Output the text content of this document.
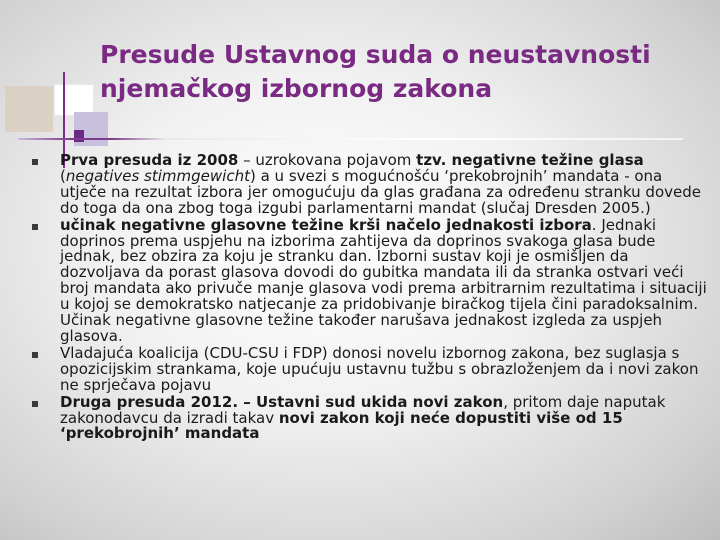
Presude Ustavnog suda o neustavnosti
njemačkog izbornog zakona
Prva presuda iz 2008 – uzrokovana pojavom tzv. negativne težine glasa (negatives stimmgewicht) a u svezi s mogućnošću ‘prekobrojnih’ mandata - ona utječe na rezultat izbora jer omogućuju da glas građana za određenu stranku dovede do toga da ona zbog toga izgubi parlamentarni mandat (slučaj Dresden 2005.)
učinak negativne glasovne težine krši načelo jednakosti izbora. Jednaki doprinos prema uspjehu na izborima zahtijeva da doprinos svakoga glasa bude jednak, bez obzira za koju je stranku dan. Izborni sustav koji je osmišljen da dozvoljava da porast glasova dovodi do gubitka mandata ili da stranka ostvari veći broj mandata ako privuče manje glasova vodi prema arbitrarnim rezultatima i situaciji u kojoj se demokratsko natjecanje za pridobivanje biračkog tijela čini paradoksalnim. Učinak negativne glasovne težine također narušava jednakost izgleda za uspjeh glasova.
Vladajuća koalicija (CDU-CSU i FDP) donosi novelu izbornog zakona, bez suglasja s opozicijskim strankama, koje upućuju ustavnu tužbu s obrazloženjem da i novi zakon ne sprječava pojavu
Druga presuda 2012. – Ustavni sud ukida novi zakon, pritom daje naputak zakonodavcu da izradi takav novi zakon koji neće dopustiti više od 15 ‘prekobrojnih’ mandata
